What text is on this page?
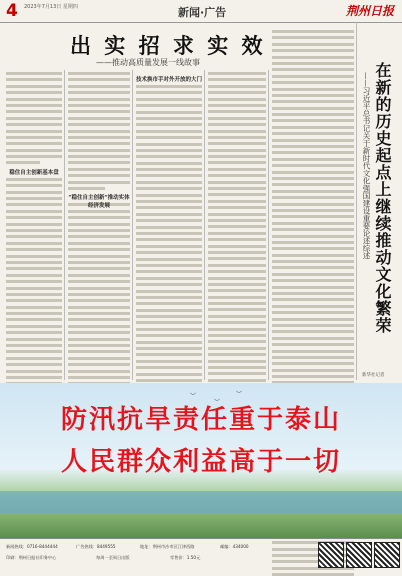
4 2023年7月13日 星期四	新闻·广告	荆州日报
出 实 招 求 实 效
——推动高质量发展一线故事
稳住自主创新基本盘
“稳住自主创新”推动实体经济发展
技术换市手对外开放的大门	在新的历史起点上继续推动文化繁荣
——习近平总书记关于新时代文化强国建设重要论述综述
新华社记者
︶
︶
︶
防汛抗旱责任重于泰山
人民群众利益高于一切
新闻热线：0716-8444444	广告热线：8449555	地址：荆州市沙市区江津西路	邮编：434000
印刷：荆州日报社印务中心	每周一至周日出版	零售价：1.50元
